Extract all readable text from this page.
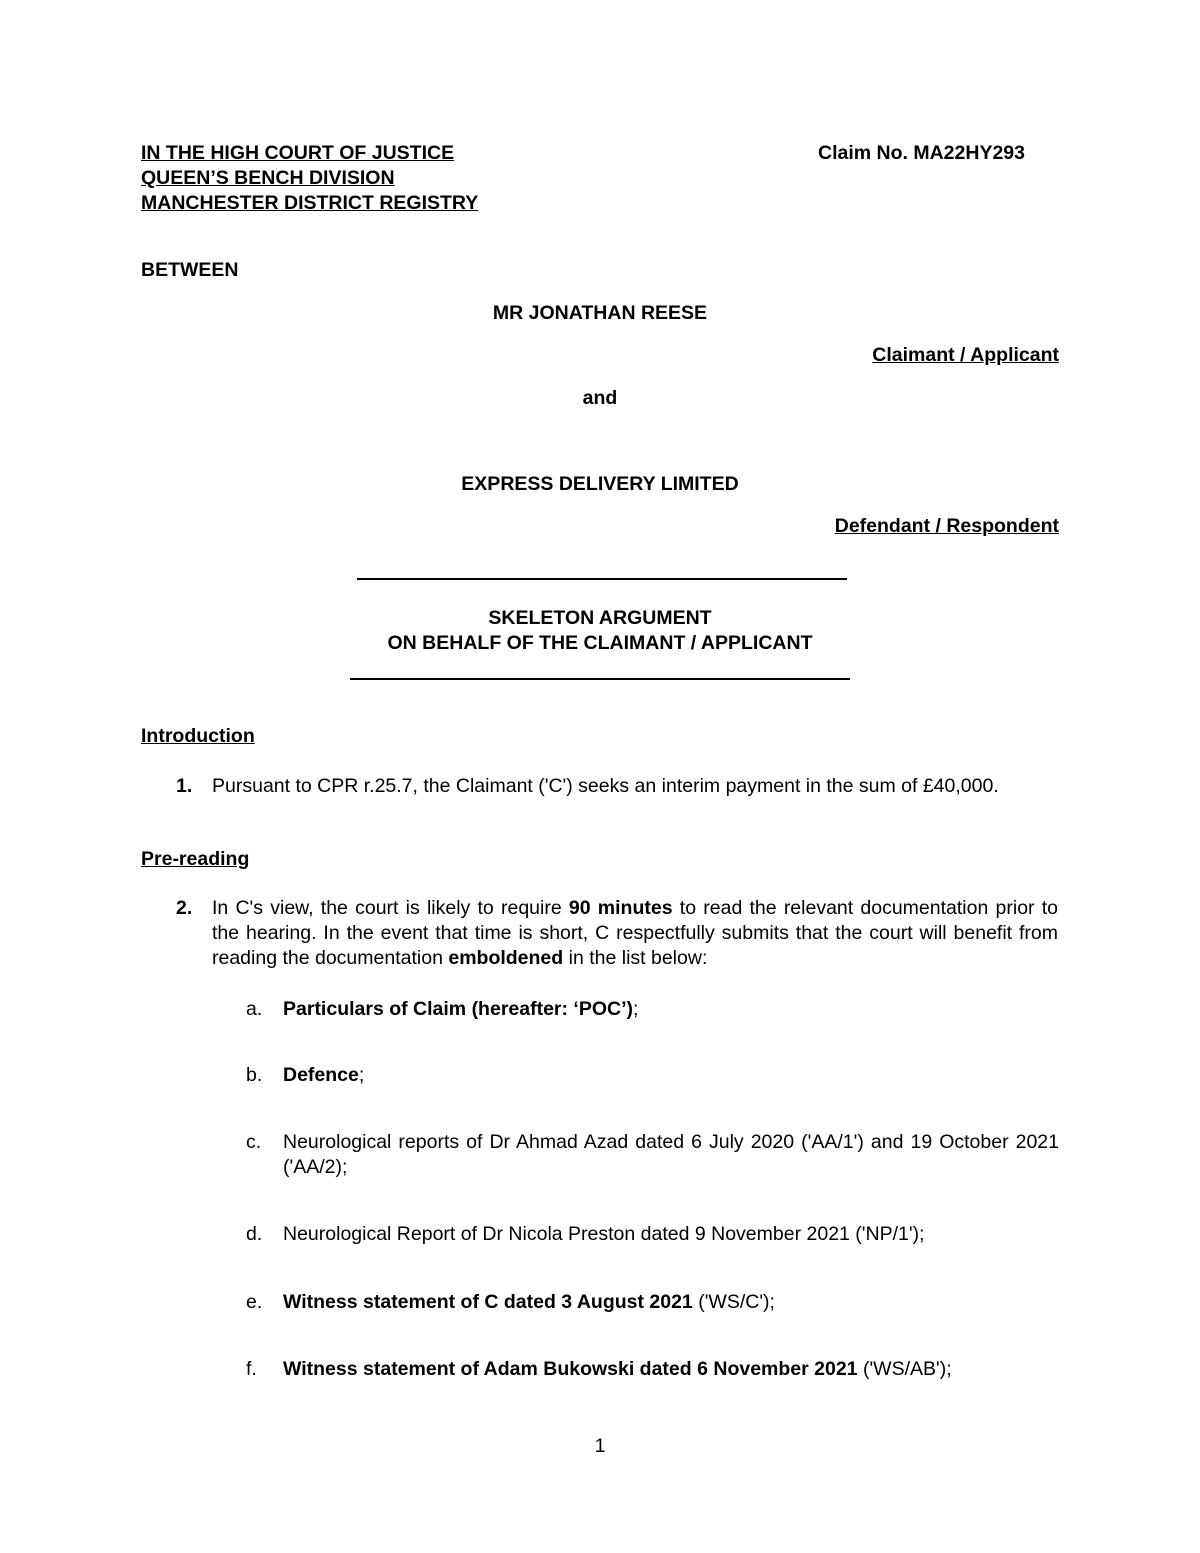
IN THE HIGH COURT OF JUSTICE
QUEEN’S BENCH DIVISION
MANCHESTER DISTRICT REGISTRY
Claim No. MA22HY293
BETWEEN
MR JONATHAN REESE
Claimant / Applicant
and
EXPRESS DELIVERY LIMITED
Defendant / Respondent
SKELETON ARGUMENT
ON BEHALF OF THE CLAIMANT / APPLICANT
Introduction
1. Pursuant to CPR r.25.7, the Claimant ('C') seeks an interim payment in the sum of £40,000.
Pre-reading
2. In C's view, the court is likely to require 90 minutes to read the relevant documentation prior to the hearing. In the event that time is short, C respectfully submits that the court will benefit from reading the documentation emboldened in the list below:
a. Particulars of Claim (hereafter: ‘POC’);
b. Defence;
c. Neurological reports of Dr Ahmad Azad dated 6 July 2020 ('AA/1') and 19 October 2021 ('AA/2);
d. Neurological Report of Dr Nicola Preston dated 9 November 2021 ('NP/1');
e. Witness statement of C dated 3 August 2021 ('WS/C');
f. Witness statement of Adam Bukowski dated 6 November 2021 ('WS/AB');
1
